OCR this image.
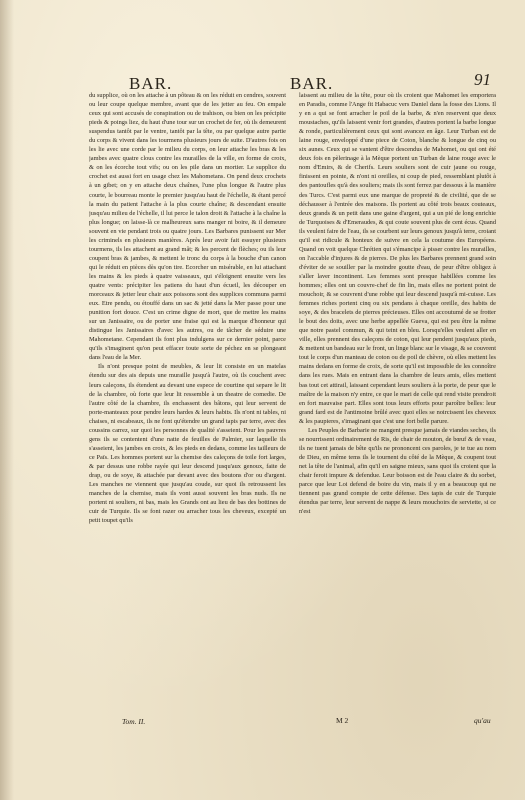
BAR.	BAR.	91

du supplice, où on les attache à un pôteau & on les réduit en cendres, souvent ou leur coupe quelque membre, avant que de les jetter au feu. On empale ceux qui sont accusés de conspiration ou de trahison, ou bien on les précipite pieds & poings liez, du haut d'une tour sur un crochet de fer, où ils demeurent suspendus tantôt par le ventre, tantôt par la tête, ou par quelque autre partie du corps & vivent dans les tourmens plusieurs jours de suite. D'autres fois on les lie avec une corde par le milieu du corps, on leur attache les bras & les jambes avec quatre clous contre les murailles de la ville, en forme de croix, & on les écorche tout vifs; ou on les pile dans un mortier. Le supplice du crochet est aussi fort en usage chez les Mahometans. On pend deux crochets à un gibet; on y en attache deux chaînes, l'une plus longue & l'autre plus courte, le bourreau monte le premier jusqu'au haut de l'échelle, & étant percé la main du patient l'attache à la plus courte chaîne; & descendant ensuite jusqu'au milieu de l'échelle, il lui perce le talon droit & l'attache à la chaîne la plus longue; on laisse-là ce malheureux sans manger ni boire, & il demeure souvent en vie pendant trois ou quatre jours. Les Barbares punissent sur Mer les criminels en plusieurs manières. Après leur avoir fait essuyer plusieurs tourmens, ils les attachent au grand mât; & les percent de flèches; ou ils leur coupent bras & jambes, & mettent le tronc du corps à la bouche d'un canon qui le réduit en pièces dès qu'on tire. Ecorcher un misérable, en lui attachant les mains & les pieds à quatre vaisseaux, qui s'éloignent ensuite vers les quatre vents: précipiter les patiens du haut d'un écueil, les découper en morceaux & jetter leur chair aux poissons sont des supplices communs parmi eux. Etre pendu, ou étouffé dans un sac & jetté dans la Mer passe pour une punition fort douce. C'est un crime digne de mort, que de mettre les mains sur un Janissaire, ou de porter une fraise qui est la marque d'honneur qui distingue les Janissaires d'avec les autres, ou de tâcher de séduire une Mahometane. Cependant ils font plus indulgens sur ce dernier point, parce qu'ils s'imaginent qu'on peut effacer toute sorte de péchez en se plongeant dans l'eau de la Mer.

Ils n'ont presque point de meubles, & leur lit consiste en un matelas étendu sur des ais depuis une muraille jusqu'à l'autre, où ils couchent avec leurs caleçons, ils étendent au devant une espece de courtine qui separe le lit de la chambre, où forte que leur lit ressemble à un theatre de comedie. De l'autre côté de la chambre, ils enchassent des bâtons, qui leur servent de porte-manteaux pour pendre leurs hardes & leurs habits. Ils n'ont ni tables, ni chaises, ni escabeaux, ils ne font qu'étendre un grand tapis par terre, avec des coussins carrez, sur quoi les personnes de qualité s'asseient. Pour les pauvres gens ils se contentent d'une natte de feuilles de Palmier, sur laquelle ils s'asseient, les jambes en croix, & les pieds en dedans, comme les tailleurs de ce Païs. Les hommes portent sur la chemise des caleçons de toile fort larges, & par dessus une robbe rayée qui leur descend jusqu'aux genoux, faite de drap, ou de soye, & attachée par devant avec des boutons d'or ou d'argent. Les manches ne viennent que jusqu'au coude, sur quoi ils retroussent les manches de la chemise, mais ils vont aussi souvent les bras nuds. Ils ne portent ni souliers, ni bas, mais les Grands ont au lieu de bas des bottines de cuir de Turquie. Ils se font razer ou arracher tous les cheveux, excepté un petit toupet qu'ils

laissent au milieu de la tête, pour où ils croient que Mahomet les emportera en Paradis, comme l'Ange fit Habacuc vers Daniel dans la fosse des Lions. Il y en a qui se font arracher le poil de la barbe, & n'en reservent que deux moustaches, qu'ils laissent venir fort grandes, d'autres portent la barbe longue & ronde, particulièrement ceux qui sont avancez en âge. Leur Turban est de laine rouge, enveloppé d'une piece de Coton, blanche & longue de cinq ou six aunes. Ceux qui se vantent d'être descendus de Mahomet, ou qui ont été deux fois en pèlerinage à la Mèque portent un Turban de laine rouge avec le nom d'Emirs, & de Cherifs. Leurs souliers sont de cuir jaune ou rouge, finissent en pointe, & n'ont ni oreilles, ni coup de pied, ressemblant plutôt à des pantoufles qu'à des souliers; mais ils sont ferrez par dessous à la manière des Turcs. C'est parmi eux une marque de propreté & de civilité, que de se déchausser à l'entrée des maisons. Ils portent au côté trois beaux couteaux, deux grands & un petit dans une gaine d'argent, qui a un pié de long enrichie de Turquoises & d'Emeraudes, & qui coute souvent plus de cent écus. Quand ils veulent faire de l'eau, ils se courbent sur leurs genoux jusqu'à terre, croiant qu'il est ridicule & honteux de suivre en cela la coutume des Européens. Quand on voit quelque Chrétien qui s'émancipe à pisser contre les murailles, on l'accable d'injures & de pierres. De plus les Barbares prennent grand soin d'éviter de se souiller par la moindre goutte d'eau, de peur d'être obligez à s'aller laver incontinent. Les femmes sont presque habillées comme les hommes; elles ont un couvre-chef de fin lin, mais elles ne portent point de mouchoir, & se couvrent d'une robbe qui leur descend jusqu'à mi-cuisse. Les femmes riches portent cinq ou six pendans à chaque oreille, des habits de soye, & des bracelets de pierres précieuses. Elles ont accoutumé de se frotter le bout des doits, avec une herbe appellée Gueva, qui est peu être la même que notre pastel commun, & qui teint en bleu. Lorsqu'elles veulent aller en ville, elles prennent des caleçons de coton, qui leur pendent jusqu'aux pieds, & mettent un bandeau sur le front, un linge blanc sur le visage, & se couvrent tout le corps d'un manteau de coton ou de poil de chèvre, où elles mettent les mains dedans en forme de croix, de sorte qu'il est impossible de les connoître dans les rues. Mais en entrant dans la chambre de leurs amis, elles mettent bas tout cet attirail, laissant cependant leurs souliers à la porte, de peur que le maître de la maison n'y entre, ce que le mari de celle qui rend visite prendroit en fort mauvaise part. Elles sont tous leurs efforts pour paroître belles: leur grand fard est de l'antimoine brûlé avec quoi elles se noircissent les cheveux & les paupieres, s'imaginant que c'est une fort belle parure.

Les Peuples de Barbarie ne mangent presque jamais de viandes seches, ils se nourrissent ordinairement de Ris, de chair de mouton, de bœuf & de veau, ils ne tuent jamais de bête qu'ils ne prononcent ces paroles, je te tue au nom de Dieu, en même tems ils le tournent du côté de la Mèque, & coupent tout net la tête de l'animal, afin qu'il en saigne mieux, sans quoi ils croient que la chair feroit impure & defendue. Leur boisson est de l'eau claire & du sorbet, parce que leur Loi defend de boire du vin, mais il y en a beaucoup qui ne tiennent pas grand compte de cette défense. Des tapis de cuir de Turquie étendus par terre, leur servent de nappe & leurs mouchoirs de serviette, si ce n'est

Tom. II.	M 2	qu'au
